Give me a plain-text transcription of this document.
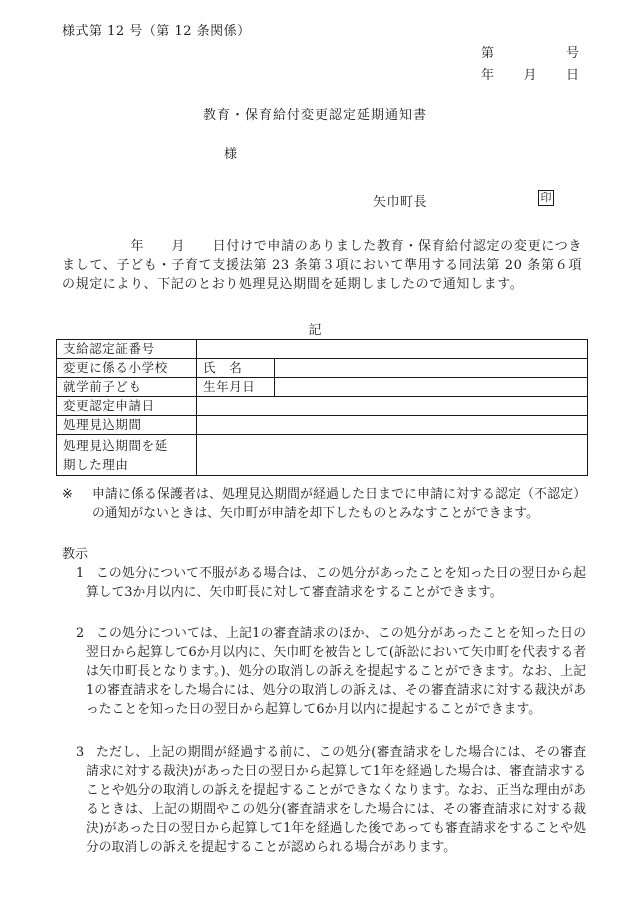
様式第 12 号（第 12 条関係）
第	号
年 月 日
教育・保育給付変更認定延期通知書
様
矢巾町長	印
　　　　　年　　月　　日付けで申請のありました教育・保育給付認定の変更につきまして、子ども・子育て支援法第 23 条第３項において準用する同法第 20 条第６項の規定により、下記のとおり処理見込期間を延期しましたので通知します。
記
支給認定証番号		
変更に係る小学校	氏　名	
就学前子ども	生年月日	
変更認定申請日		
処理見込期間		

処理見込期間を延
期した理由		

※ 申請に係る保護者は、処理見込期間が経過した日までに申請に対する認定（不認定）の通知がないときは、矢巾町が申請を却下したものとみなすことができます。
教示
1 この処分について不服がある場合は、この処分があったことを知った日の翌日から起算して3か月以内に、矢巾町長に対して審査請求をすることができます。
2 この処分については、上記1の審査請求のほか、この処分があったことを知った日の翌日から起算して6か月以内に、矢巾町を被告として(訴訟において矢巾町を代表する者は矢巾町長となります。)、処分の取消しの訴えを提起することができます。なお、上記1の審査請求をした場合には、処分の取消しの訴えは、その審査請求に対する裁決があったことを知った日の翌日から起算して6か月以内に提起することができます。
3 ただし、上記の期間が経過する前に、この処分(審査請求をした場合には、その審査請求に対する裁決)があった日の翌日から起算して1年を経過した場合は、審査請求することや処分の取消しの訴えを提起することができなくなります。なお、正当な理由があるときは、上記の期間やこの処分(審査請求をした場合には、その審査請求に対する裁決)があった日の翌日から起算して1年を経過した後であっても審査請求をすることや処分の取消しの訴えを提起することが認められる場合があります。
